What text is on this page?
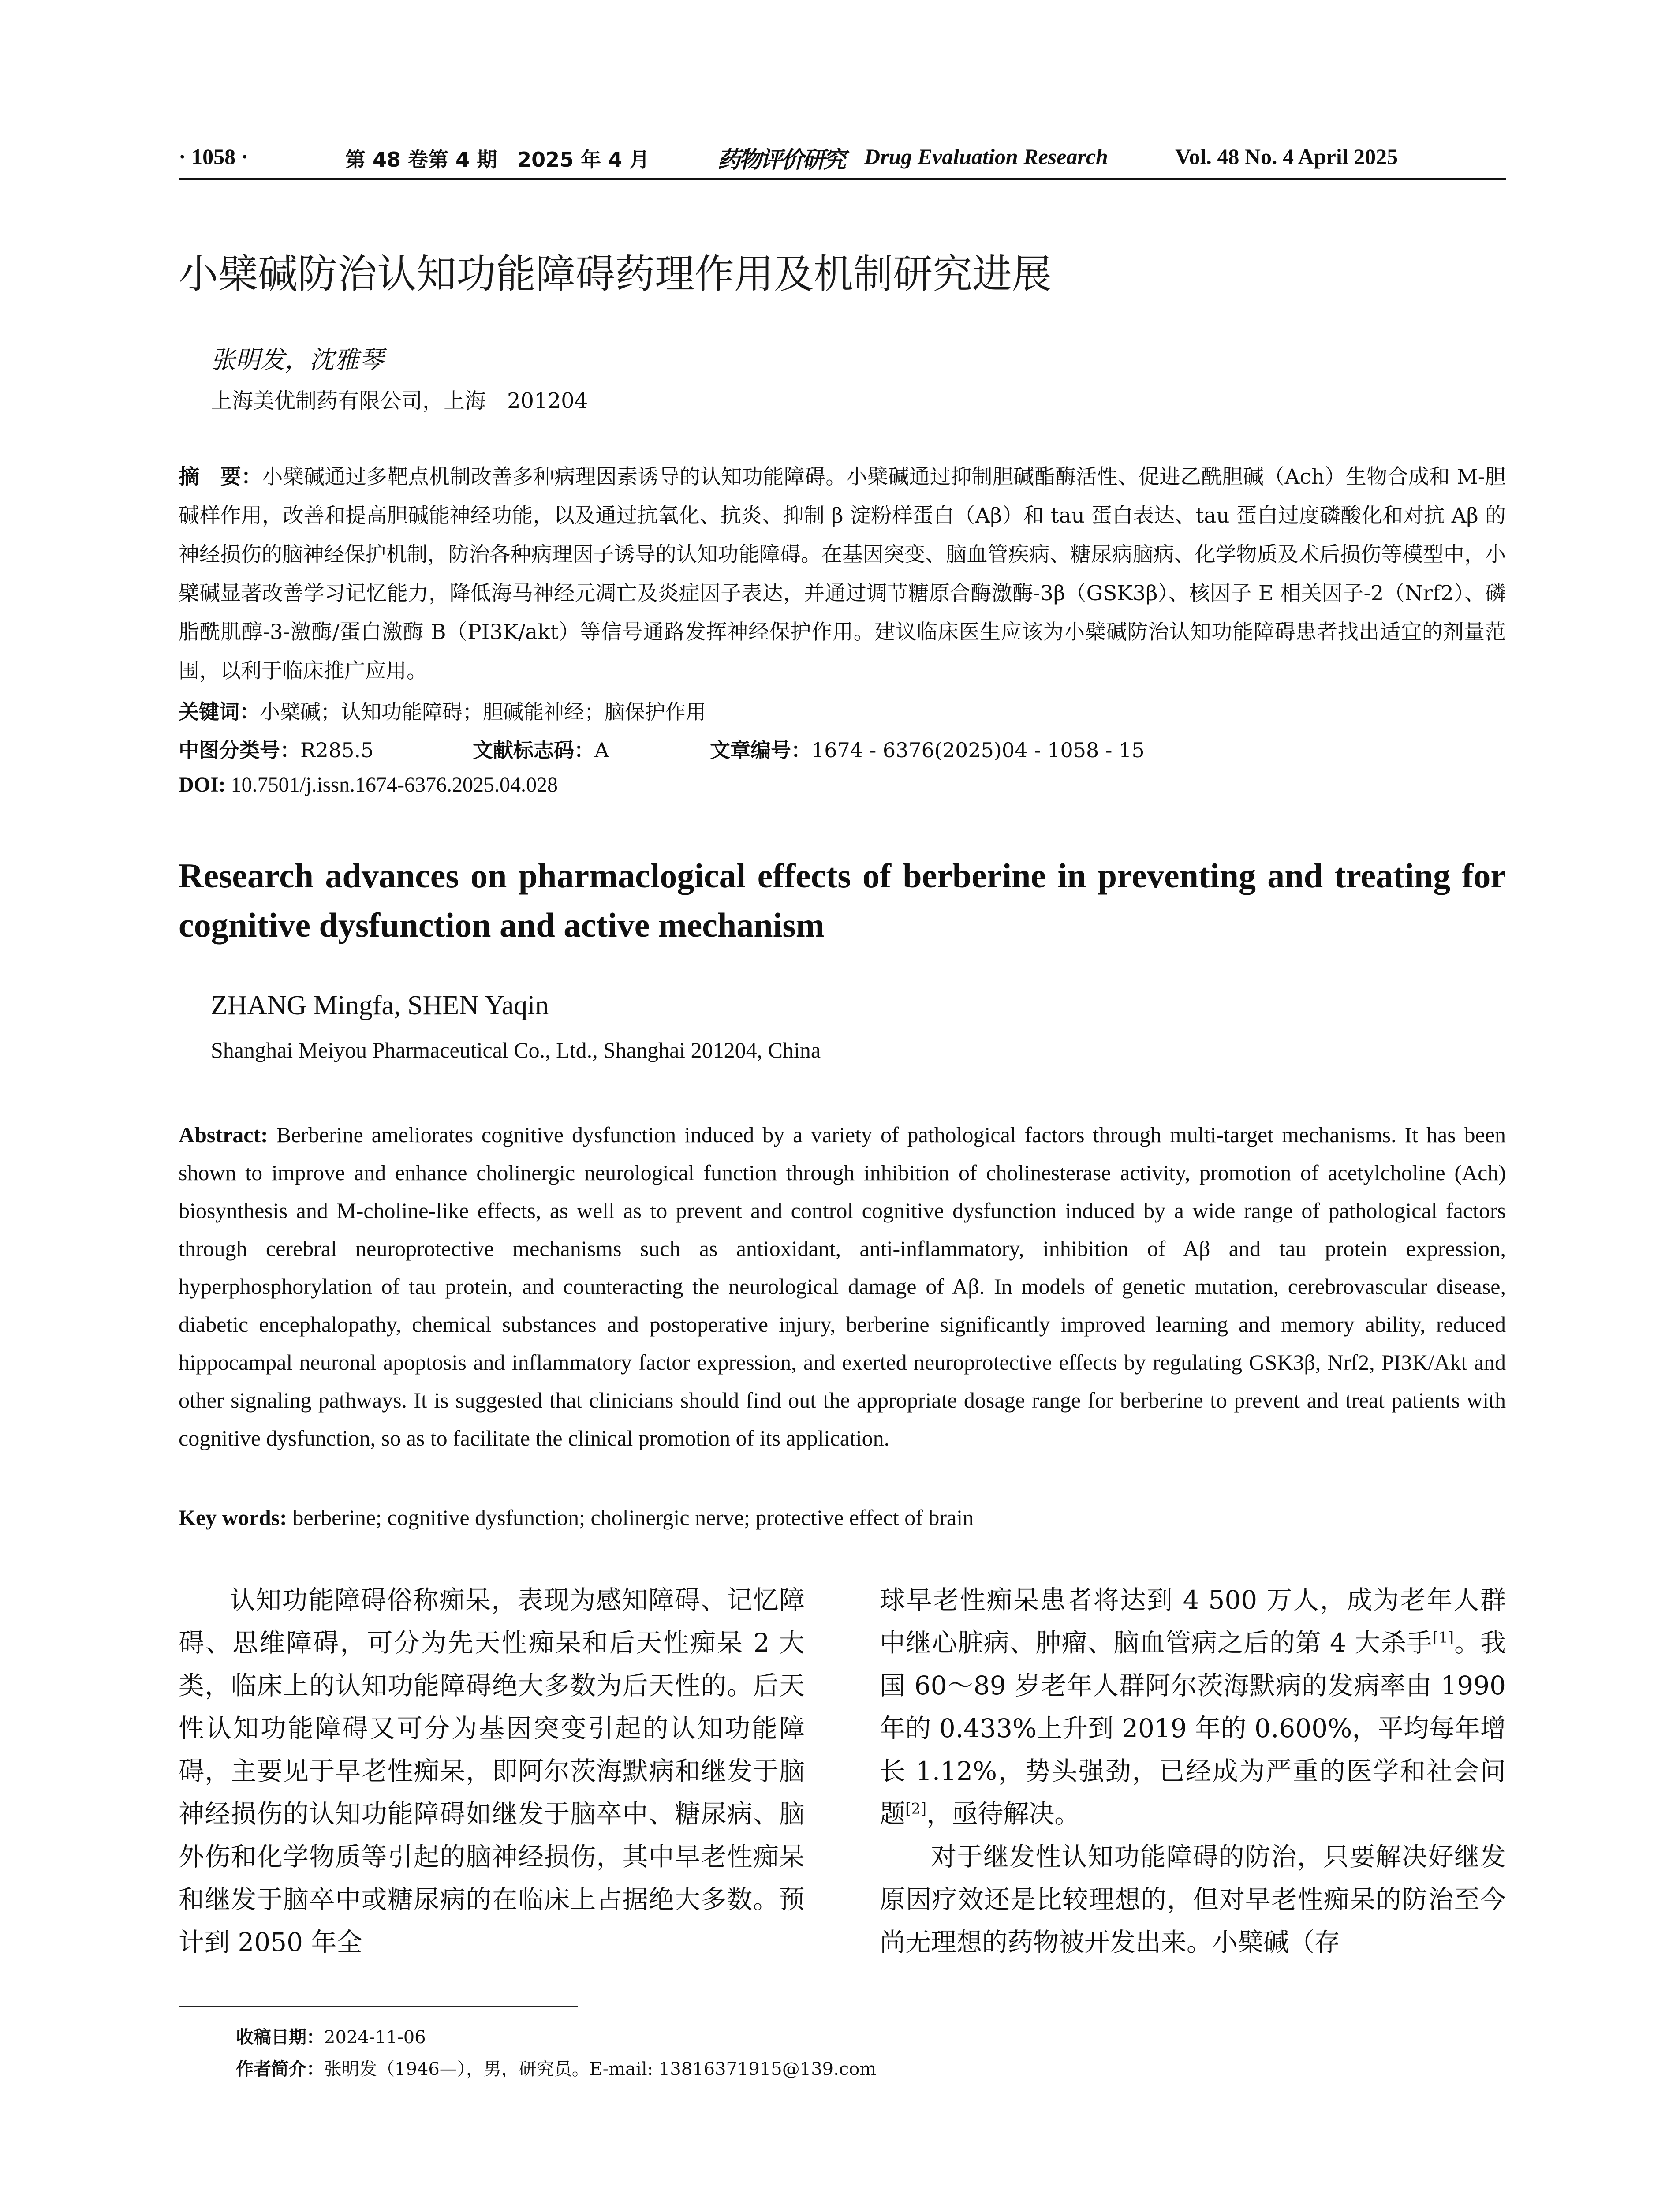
· 1058 ·	第 48 卷第 4 期　2025 年 4 月	药物评价研究 Drug Evaluation Research	Vol. 48 No. 4 April 2025
小檗碱防治认知功能障碍药理作用及机制研究进展
张明发，沈雅琴
上海美优制药有限公司，上海　201204
摘　要：小檗碱通过多靶点机制改善多种病理因素诱导的认知功能障碍。小檗碱通过抑制胆碱酯酶活性、促进乙酰胆碱（Ach）生物合成和 M-胆碱样作用，改善和提高胆碱能神经功能，以及通过抗氧化、抗炎、抑制 β 淀粉样蛋白（Aβ）和 tau 蛋白表达、tau 蛋白过度磷酸化和对抗 Aβ 的神经损伤的脑神经保护机制，防治各种病理因子诱导的认知功能障碍。在基因突变、脑血管疾病、糖尿病脑病、化学物质及术后损伤等模型中，小檗碱显著改善学习记忆能力，降低海马神经元凋亡及炎症因子表达，并通过调节糖原合酶激酶-3β（GSK3β）、核因子 E 相关因子-2（Nrf2）、磷脂酰肌醇-3-激酶/蛋白激酶 B（PI3K/akt）等信号通路发挥神经保护作用。建议临床医生应该为小檗碱防治认知功能障碍患者找出适宜的剂量范围，以利于临床推广应用。
关键词：小檗碱；认知功能障碍；胆碱能神经；脑保护作用
中图分类号：R285.5	文献标志码：A	文章编号：1674 - 6376(2025)04 - 1058 - 15
DOI: 10.7501/j.issn.1674-6376.2025.04.028
Research advances on pharmaclogical effects of berberine in preventing and treating for cognitive dysfunction and active mechanism
ZHANG Mingfa, SHEN Yaqin
Shanghai Meiyou Pharmaceutical Co., Ltd., Shanghai 201204, China
Abstract: Berberine ameliorates cognitive dysfunction induced by a variety of pathological factors through multi-target mechanisms. It has been shown to improve and enhance cholinergic neurological function through inhibition of cholinesterase activity, promotion of acetylcholine (Ach) biosynthesis and M-choline-like effects, as well as to prevent and control cognitive dysfunction induced by a wide range of pathological factors through cerebral neuroprotective mechanisms such as antioxidant, anti-inflammatory, inhibition of Aβ and tau protein expression, hyperphosphorylation of tau protein, and counteracting the neurological damage of Aβ. In models of genetic mutation, cerebrovascular disease, diabetic encephalopathy, chemical substances and postoperative injury, berberine significantly improved learning and memory ability, reduced hippocampal neuronal apoptosis and inflammatory factor expression, and exerted neuroprotective effects by regulating GSK3β, Nrf2, PI3K/Akt and other signaling pathways. It is suggested that clinicians should find out the appropriate dosage range for berberine to prevent and treat patients with cognitive dysfunction, so as to facilitate the clinical promotion of its application.
Key words: berberine; cognitive dysfunction; cholinergic nerve; protective effect of brain

认知功能障碍俗称痴呆，表现为感知障碍、记忆障碍、思维障碍，可分为先天性痴呆和后天性痴呆 2 大类，临床上的认知功能障碍绝大多数为后天性的。后天性认知功能障碍又可分为基因突变引起的认知功能障碍，主要见于早老性痴呆，即阿尔茨海默病和继发于脑神经损伤的认知功能障碍如继发于脑卒中、糖尿病、脑外伤和化学物质等引起的脑神经损伤，其中早老性痴呆和继发于脑卒中或糖尿病的在临床上占据绝大多数。预计到 2050 年全

球早老性痴呆患者将达到 4 500 万人，成为老年人群中继心脏病、肿瘤、脑血管病之后的第 4 大杀手[1]。我国 60～89 岁老年人群阿尔茨海默病的发病率由 1990 年的 0.433%上升到 2019 年的 0.600%，平均每年增长 1.12%，势头强劲，已经成为严重的医学和社会问题[2]，亟待解决。

对于继发性认知功能障碍的防治，只要解决好继发原因疗效还是比较理想的，但对早老性痴呆的防治至今尚无理想的药物被开发出来。小檗碱（存

收稿日期：2024-11-06
作者简介：张明发（1946—），男，研究员。E-mail: 13816371915@139.com
